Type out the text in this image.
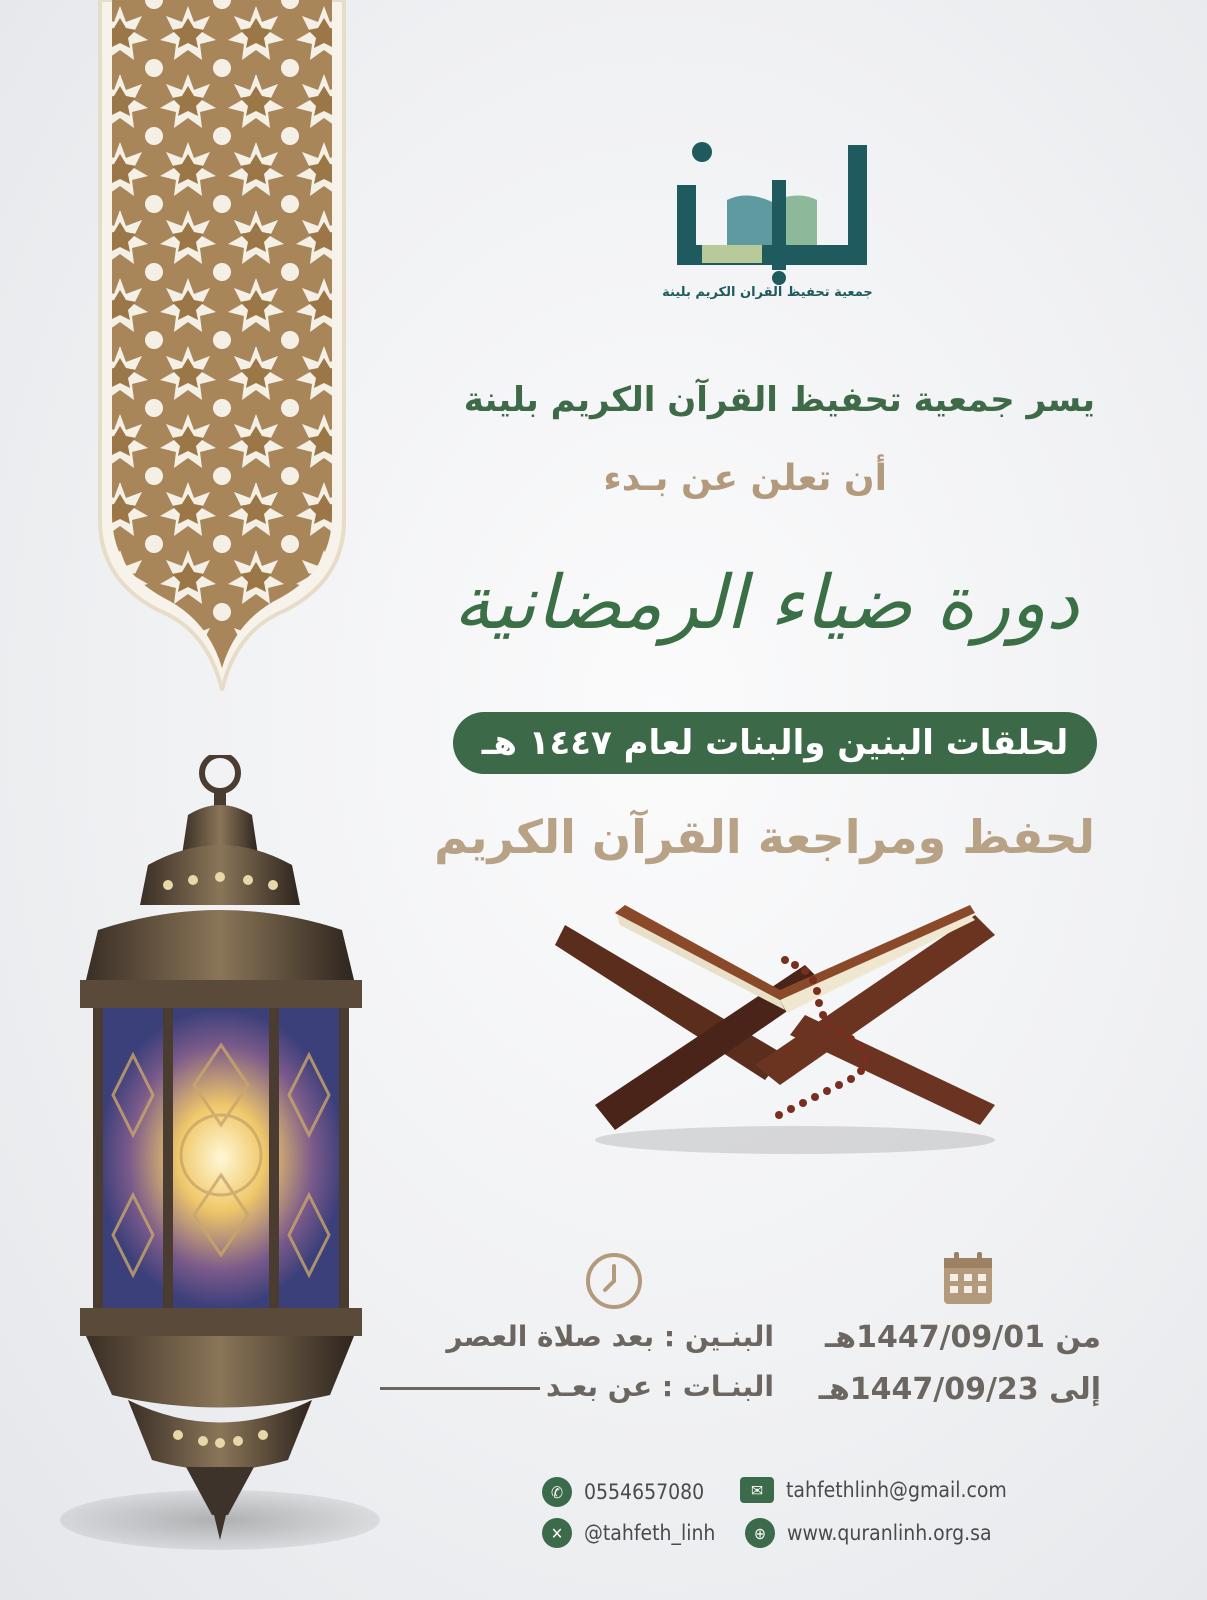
جمعية تحفيظ القران الكريم بلينة
يسر جمعية تحفيظ القرآن الكريم بلينة
أن تعلن عن بـدء
دورة ضياء الرمضانية
لحلقات البنين والبنات لعام ١٤٤٧ هـ
لحفظ ومراجعة القرآن الكريم
البنـين : بعد صلاة العصر
البنـات : عن بعـد
من 1447/09/01هـ
إلى 1447/09/23هـ
✆ 0554657080	✉	tahfethlinh@gmail.com
✕ @tahfeth_linh	⊕ www.quranlinh.org.sa
